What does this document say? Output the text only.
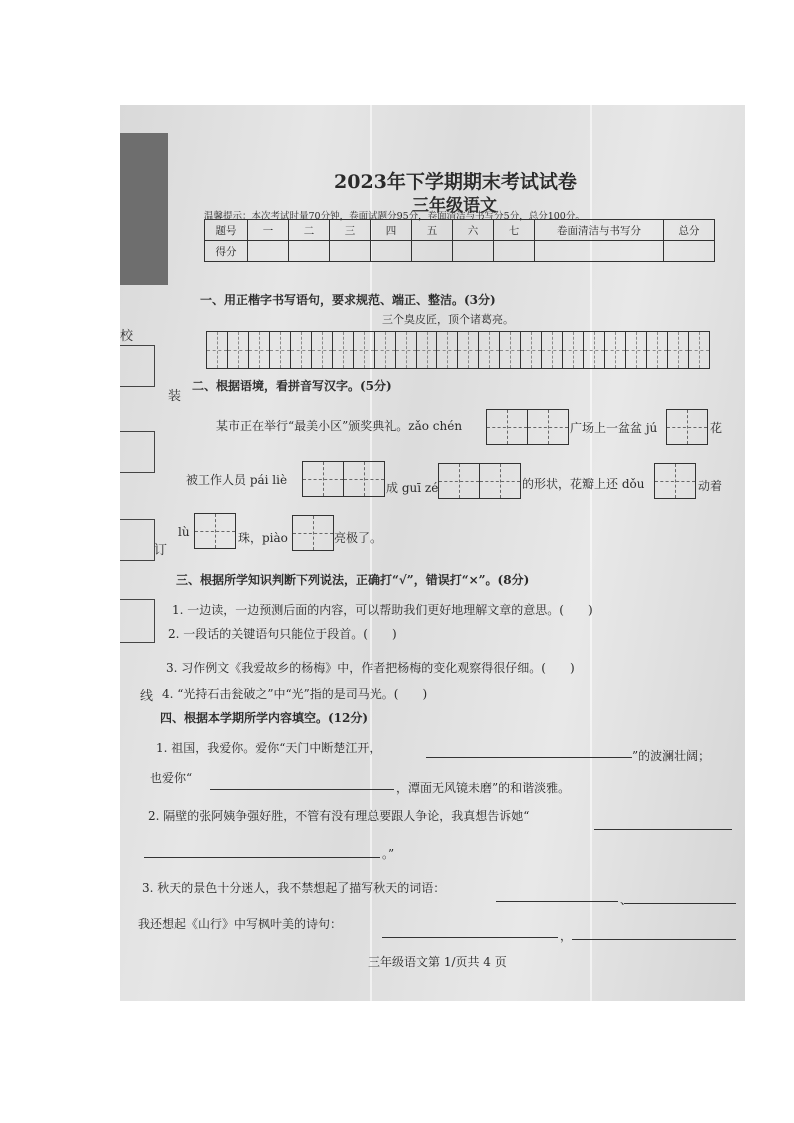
校
装
订
线
2023年下学期期末考试试卷
三年级语文
温馨提示：本次考试时量70分钟，卷面试题分95分，卷面清洁与书写分5分，总分100分。
题号	一	二	三	四	五	六	七	卷面清洁与书写分	总分
得分									
一、用正楷字书写语句，要求规范、端正、整洁。(3分)
三个臭皮匠，顶个诸葛亮。
二、根据语境，看拼音写汉字。(5分)
某市正在举行“最美小区”颁奖典礼。zǎo chén	广场上一盆盆 jú	花
被工作人员 pái liè
成 guī zé	的形状，花瓣上还 dǒu	动着
lù	珠，piào	亮极了。
三、根据所学知识判断下列说法，正确打“√”，错误打“×”。(8分)
1. 一边读，一边预测后面的内容，可以帮助我们更好地理解文章的意思。(　　)
2. 一段话的关键语句只能位于段首。(　　)
3. 习作例文《我爱故乡的杨梅》中，作者把杨梅的变化观察得很仔细。(　　)
4. “光持石击瓮破之”中“光”指的是司马光。(　　)
四、根据本学期所学内容填空。(12分)
1. 祖国，我爱你。爱你“天门中断楚江开，
”的波澜壮阔；
也爱你“
，潭面无风镜未磨”的和谐淡雅。
2. 隔壁的张阿姨争强好胜，不管有没有理总要跟人争论，我真想告诉她“
。”
3. 秋天的景色十分迷人，我不禁想起了描写秋天的词语：
、
我还想起《山行》中写枫叶美的诗句：
，
三年级语文第 1/页共 4 页
